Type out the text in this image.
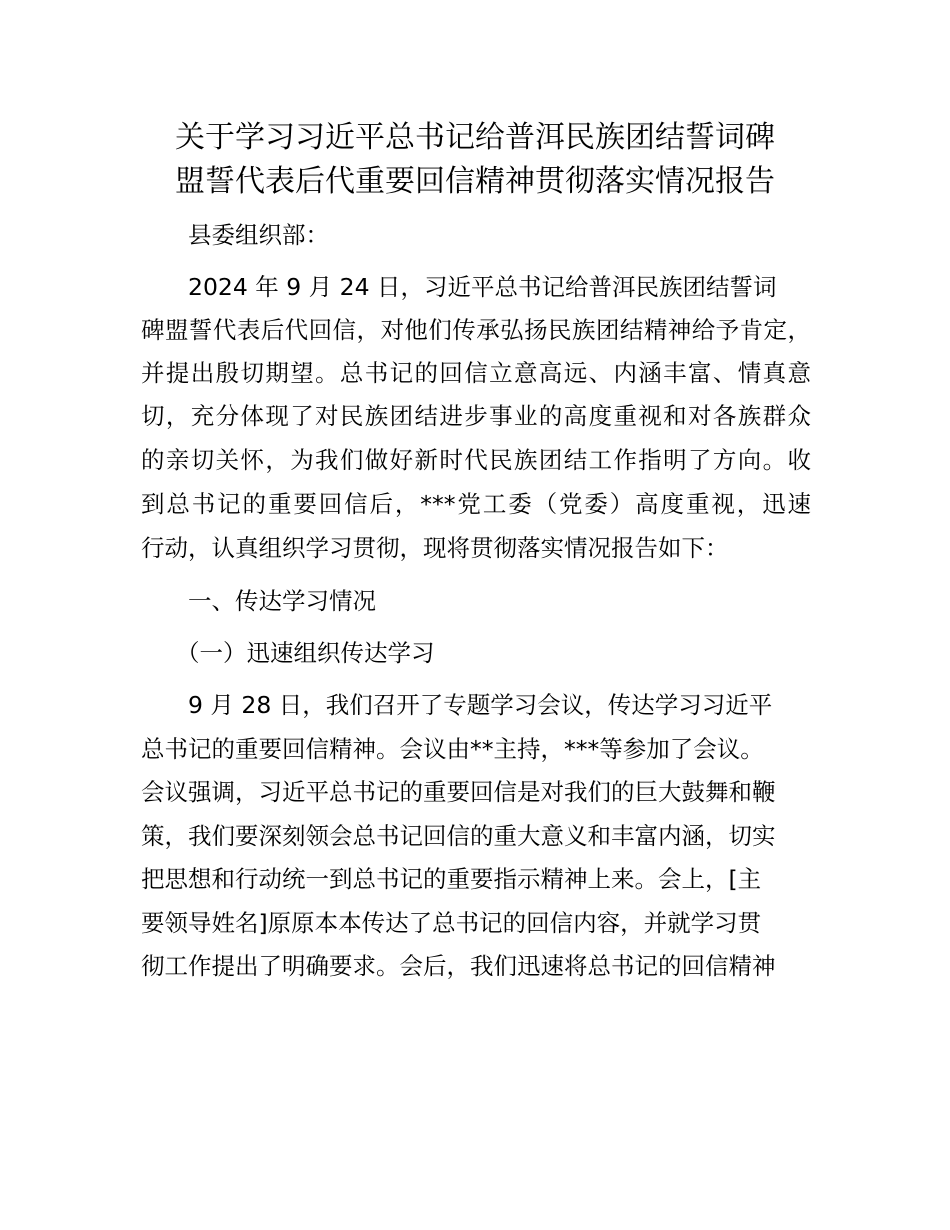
关于学习习近平总书记给普洱民族团结誓词碑
盟誓代表后代重要回信精神贯彻落实情况报告
县委组织部：
2024 年 9 月 24 日，习近平总书记给普洱民族团结誓词
碑盟誓代表后代回信，对他们传承弘扬民族团结精神给予肯定，
并提出殷切期望。总书记的回信立意高远、内涵丰富、情真意
切，充分体现了对民族团结进步事业的高度重视和对各族群众
的亲切关怀，为我们做好新时代民族团结工作指明了方向。收
到总书记的重要回信后，***党工委（党委）高度重视，迅速
行动，认真组织学习贯彻，现将贯彻落实情况报告如下：
一、传达学习情况
（一）迅速组织传达学习
9 月 28 日，我们召开了专题学习会议，传达学习习近平
总书记的重要回信精神。会议由**主持，***等参加了会议。
会议强调，习近平总书记的重要回信是对我们的巨大鼓舞和鞭
策，我们要深刻领会总书记回信的重大意义和丰富内涵，切实
把思想和行动统一到总书记的重要指示精神上来。会上，[主
要领导姓名]原原本本传达了总书记的回信内容，并就学习贯
彻工作提出了明确要求。会后，我们迅速将总书记的回信精神
